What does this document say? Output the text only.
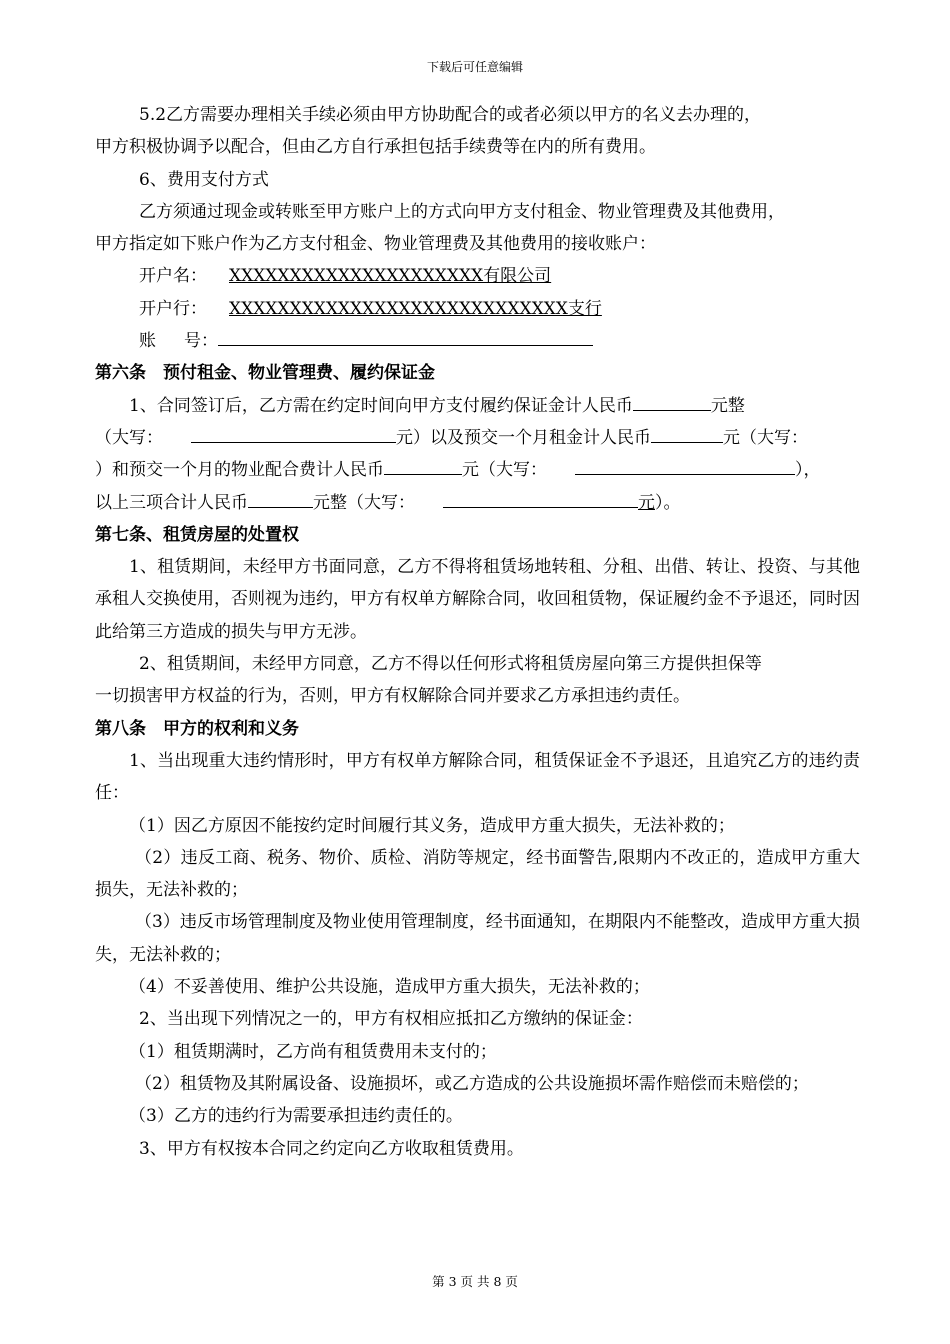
下载后可任意编辑

5.2乙方需要办理相关手续必须由甲方协助配合的或者必须以甲方的名义去办理的，

甲方积极协调予以配合，但由乙方自行承担包括手续费等在内的所有费用。

6、费用支付方式

乙方须通过现金或转账至甲方账户上的方式向甲方支付租金、物业管理费及其他费用，

甲方指定如下账户作为乙方支付租金、物业管理费及其他费用的接收账户：

开户名： XXXXXXXXXXXXXXXXXXXXX有限公司

开户行： XXXXXXXXXXXXXXXXXXXXXXXXXXXX支行

账 号：

第六条　预付租金、物业管理费、履约保证金

1、合同签订后，乙方需在约定时间向甲方支付履约保证金计人民币	元整

（大写：	元）以及预交一个月租金计人民币	元（大写：

）和预交一个月的物业配合费计人民币	元（大写：	），

以上三项合计人民币	元整（大写：	元）。

第七条、租赁房屋的处置权

1、租赁期间，未经甲方书面同意，乙方不得将租赁场地转租、分租、出借、转让、投资、与其他承租人交换使用，否则视为违约，甲方有权单方解除合同，收回租赁物，保证履约金不予退还，同时因此给第三方造成的损失与甲方无涉。

2、租赁期间，未经甲方同意，乙方不得以任何形式将租赁房屋向第三方提供担保等

一切损害甲方权益的行为，否则，甲方有权解除合同并要求乙方承担违约责任。

第八条　甲方的权利和义务

1、当出现重大违约情形时，甲方有权单方解除合同，租赁保证金不予退还，且追究乙方的违约责任：

（1）因乙方原因不能按约定时间履行其义务，造成甲方重大损失，无法补救的；

（2）违反工商、税务、物价、质检、消防等规定，经书面警告,限期内不改正的，造成甲方重大损失，无法补救的；

（3）违反市场管理制度及物业使用管理制度，经书面通知，在期限内不能整改，造成甲方重大损失，无法补救的；

（4）不妥善使用、维护公共设施，造成甲方重大损失，无法补救的；

2、当出现下列情况之一的，甲方有权相应抵扣乙方缴纳的保证金：

（1）租赁期满时，乙方尚有租赁费用未支付的；

（2）租赁物及其附属设备、设施损坏，或乙方造成的公共设施损坏需作赔偿而未赔偿的；

（3）乙方的违约行为需要承担违约责任的。

3、甲方有权按本合同之约定向乙方收取租赁费用。

第 3 页 共 8 页
